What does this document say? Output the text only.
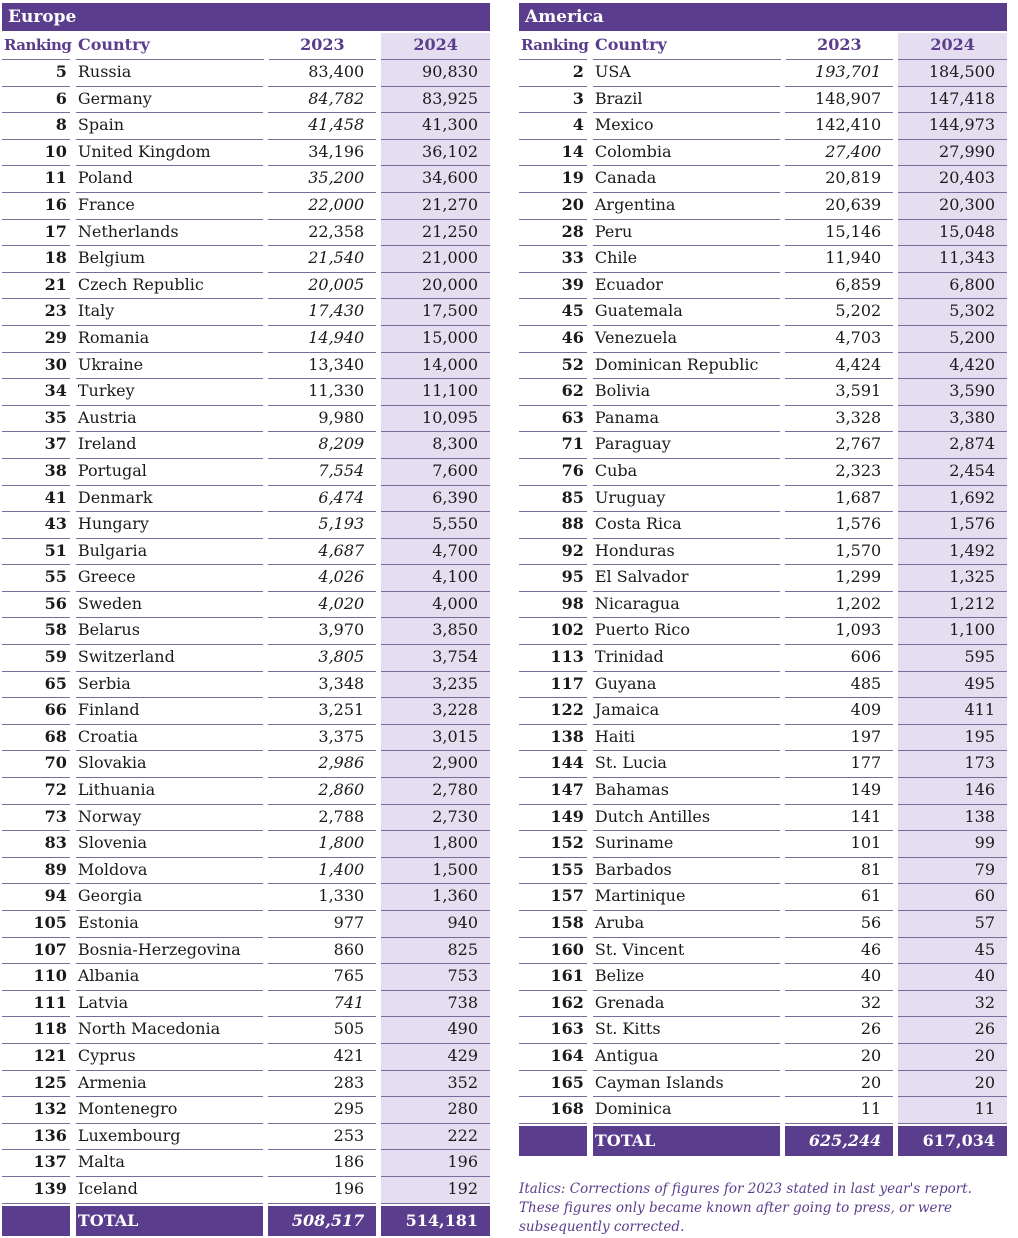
Europe
Ranking Country	2023	2024
5 Russia	83,400	90,830
6 Germany	84,782	83,925
8 Spain	41,458	41,300
10 United Kingdom	34,196	36,102
11 Poland	35,200	34,600
16 France	22,000	21,270
17 Netherlands	22,358	21,250
18 Belgium	21,540	21,000
21 Czech Republic	20,005	20,000
23 Italy	17,430	17,500
29 Romania	14,940	15,000
30 Ukraine	13,340	14,000
34 Turkey	11,330	11,100
35 Austria	9,980	10,095
37 Ireland	8,209	8,300
38 Portugal	7,554	7,600
41 Denmark	6,474	6,390
43 Hungary	5,193	5,550
51 Bulgaria	4,687	4,700
55 Greece	4,026	4,100
56 Sweden	4,020	4,000
58 Belarus	3,970	3,850
59 Switzerland	3,805	3,754
65 Serbia	3,348	3,235
66 Finland	3,251	3,228
68 Croatia	3,375	3,015
70 Slovakia	2,986	2,900
72 Lithuania	2,860	2,780
73 Norway	2,788	2,730
83 Slovenia	1,800	1,800
89 Moldova	1,400	1,500
94 Georgia	1,330	1,360
105 Estonia	977	940
107 Bosnia-Herzegovina	860	825
110 Albania	765	753
111 Latvia	741	738
118 North Macedonia	505	490
121 Cyprus	421	429
125 Armenia	283	352
132 Montenegro	295	280
136 Luxembourg	253	222
137 Malta	186	196
139 Iceland	196	192
TOTAL	508,517	514,181
America
Ranking Country	2023	2024
2 USA	193,701	184,500
3 Brazil	148,907	147,418
4 Mexico	142,410	144,973
14 Colombia	27,400	27,990
19 Canada	20,819	20,403
20 Argentina	20,639	20,300
28 Peru	15,146	15,048
33 Chile	11,940	11,343
39 Ecuador	6,859	6,800
45 Guatemala	5,202	5,302
46 Venezuela	4,703	5,200
52 Dominican Republic	4,424	4,420
62 Bolivia	3,591	3,590
63 Panama	3,328	3,380
71 Paraguay	2,767	2,874
76 Cuba	2,323	2,454
85 Uruguay	1,687	1,692
88 Costa Rica	1,576	1,576
92 Honduras	1,570	1,492
95 El Salvador	1,299	1,325
98 Nicaragua	1,202	1,212
102 Puerto Rico	1,093	1,100
113 Trinidad	606	595
117 Guyana	485	495
122 Jamaica	409	411
138 Haiti	197	195
144 St. Lucia	177	173
147 Bahamas	149	146
149 Dutch Antilles	141	138
152 Suriname	101	99
155 Barbados	81	79
157 Martinique	61	60
158 Aruba	56	57
160 St. Vincent	46	45
161 Belize	40	40
162 Grenada	32	32
163 St. Kitts	26	26
164 Antigua	20	20
165 Cayman Islands	20	20
168 Dominica	11	11
TOTAL	625,244	617,034
Italics: Corrections of figures for 2023 stated in last year's report. These figures only became known after going to press, or were subsequently corrected.
